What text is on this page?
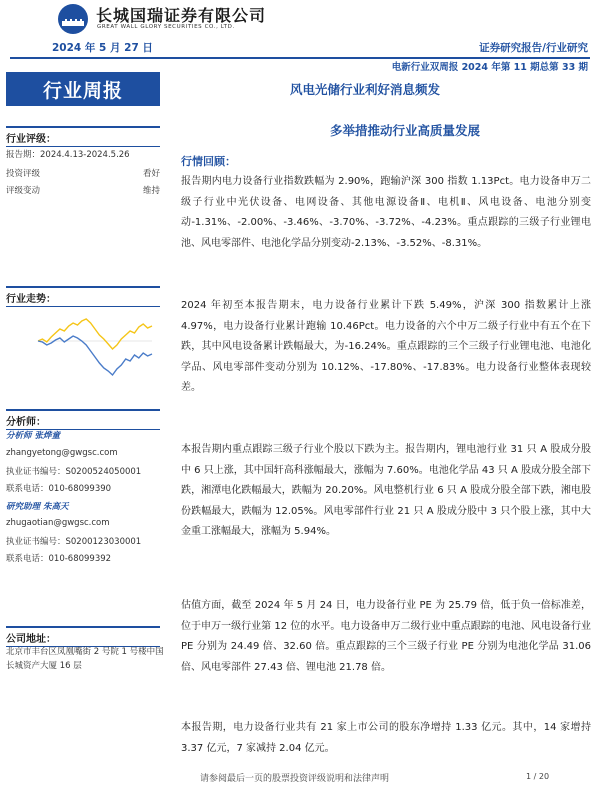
长城国瑞证券有限公司
GREAT WALL GLORY SECURITIES CO., LTD.
2024 年 5 月 27 日	证券研究报告/行业研究
电新行业双周报 2024 年第 11 期总第 33 期
行业周报	风电光储行业利好消息频发
多举措推动行业高质量发展
行业评级：
报告期：2024.4.13-2024.5.26
投资评级	看好
评级变动	维持
行业走势：
分析师：
分析师 张烨童
zhangyetong@gwgsc.com
执业证书编号：S0200524050001
联系电话：010-68099390
研究助理 朱高天
zhugaotian@gwgsc.com
执业证书编号：S0200123030001
联系电话：010-68099392
公司地址：
北京市丰台区凤凰嘴街 2 号院 1 号楼中国长城资产大厦 16 层
行情回顾：
报告期内电力设备行业指数跌幅为 2.90%，跑输沪深 300 指数 1.13Pct。电力设备申万二级子行业中光伏设备、电网设备、其他电源设备Ⅱ、电机Ⅱ、风电设备、电池分别变动-1.31%、-2.00%、-3.46%、-3.70%、-3.72%、-4.23%。重点跟踪的三级子行业锂电池、风电零部件、电池化学品分别变动-2.13%、-3.52%、-8.31%。
2024 年初至本报告期末，电力设备行业累计下跌 5.49%，沪深 300 指数累计上涨 4.97%，电力设备行业累计跑输 10.46Pct。电力设备的六个中万二级子行业中有五个在下跌，其中风电设备累计跌幅最大，为-16.24%。重点跟踪的三个三级子行业锂电池、电池化学品、风电零部件变动分别为 10.12%、-17.80%、-17.83%。电力设备行业整体表现较差。
本报告期内重点跟踪三级子行业个股以下跌为主。报告期内，锂电池行业 31 只 A 股成分股中 6 只上涨，其中国轩高科涨幅最大，涨幅为 7.60%。电池化学品 43 只 A 股成分股全部下跌，湘潭电化跌幅最大，跌幅为 20.20%。风电整机行业 6 只 A 股成分股全部下跌，湘电股份跌幅最大，跌幅为 12.05%。风电零部件行业 21 只 A 股成分股中 3 只个股上涨，其中大金重工涨幅最大，涨幅为 5.94%。
估值方面，截至 2024 年 5 月 24 日，电力设备行业 PE 为 25.79 倍，低于负一倍标准差，位于申万一级行业第 12 位的水平。电力设备申万二级行业中重点跟踪的电池、风电设备行业 PE 分别为 24.49 倍、32.60 倍。重点跟踪的三个三级子行业 PE 分别为电池化学品 31.06 倍、风电零部件 27.43 倍、锂电池 21.78 倍。
本报告期，电力设备行业共有 21 家上市公司的股东净增持 1.33 亿元。其中，14 家增持 3.37 亿元，7 家减持 2.04 亿元。
请参阅最后一页的股票投资评级说明和法律声明	1 / 20
